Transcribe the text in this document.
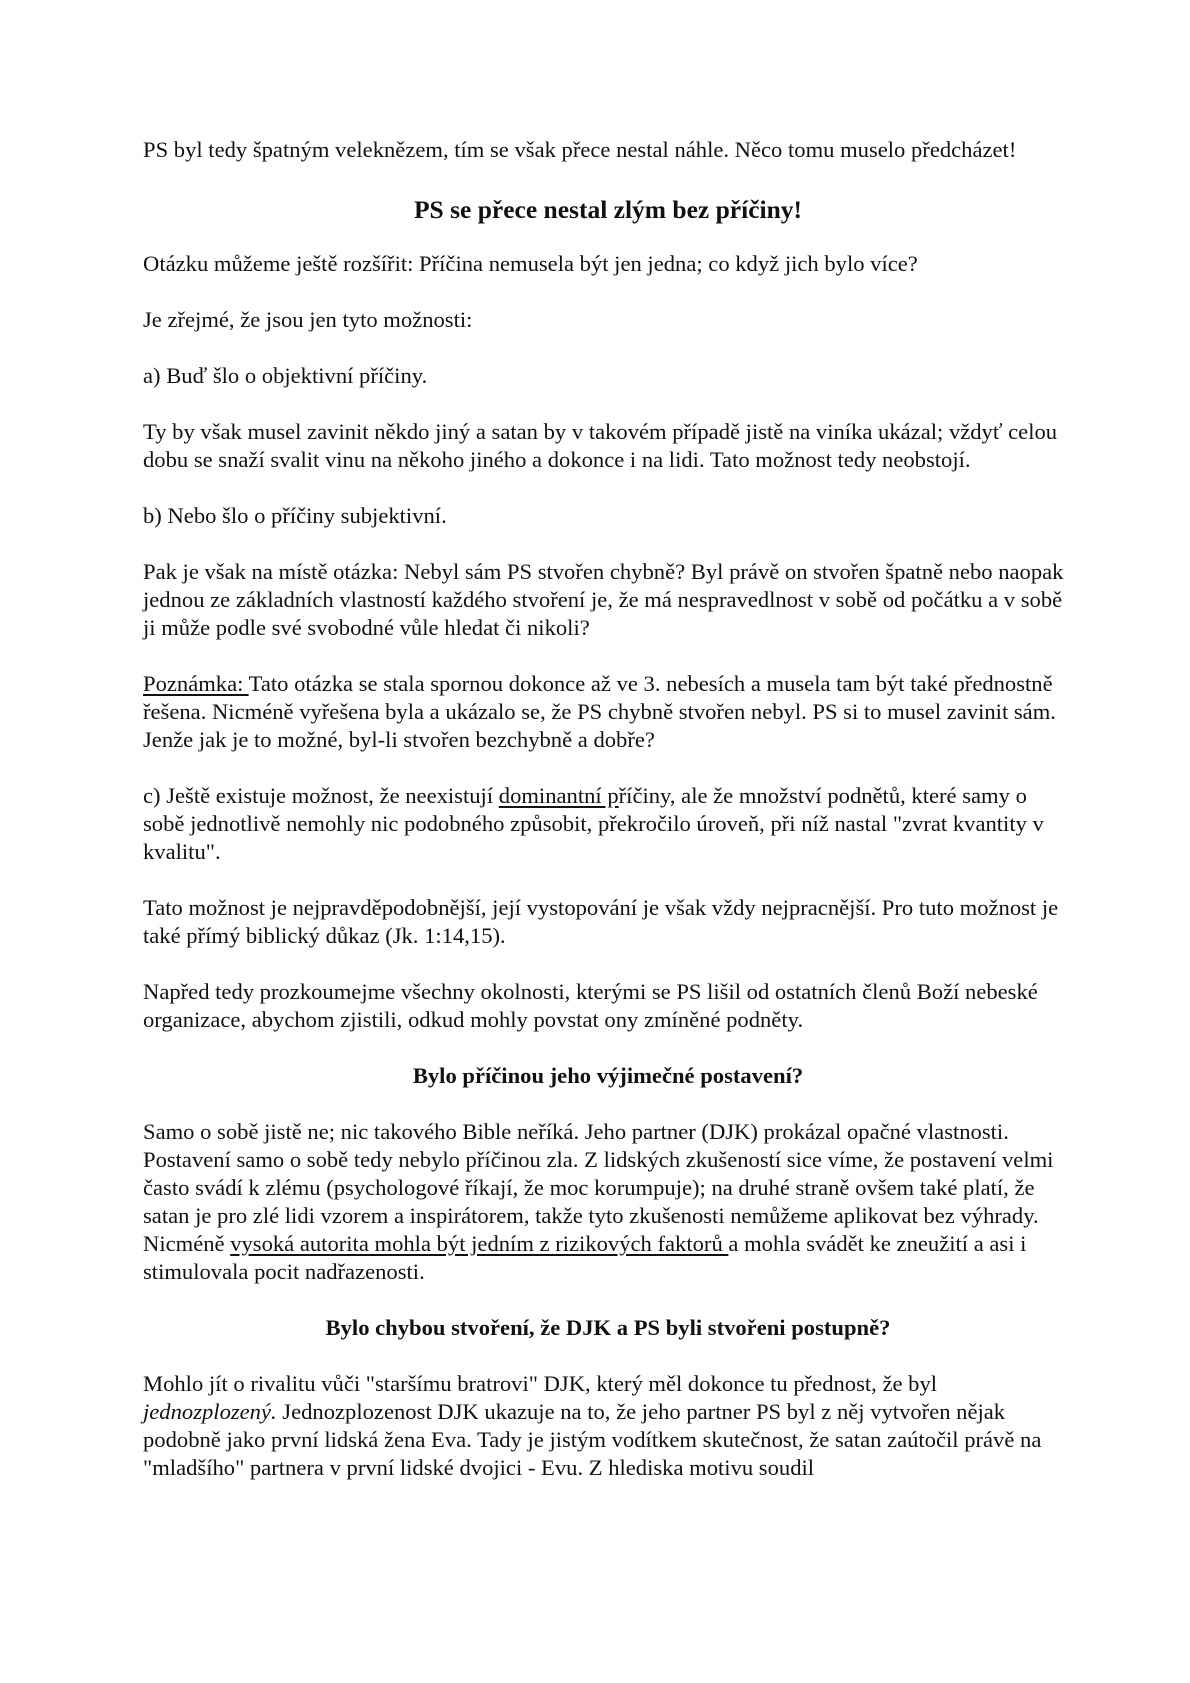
PS byl tedy špatným veleknězem, tím se však přece nestal náhle. Něco tomu muselo předcházet!

PS se přece nestal zlým bez příčiny!

Otázku můžeme ještě rozšířit: Příčina nemusela být jen jedna; co když jich bylo více?

Je zřejmé, že jsou jen tyto možnosti:

a) Buď šlo o objektivní příčiny.

Ty by však musel zavinit někdo jiný a satan by v takovém případě jistě na viníka ukázal; vždyť celou dobu se snaží svalit vinu na někoho jiného a dokonce i na lidi. Tato možnost tedy neobstojí.

b) Nebo šlo o příčiny subjektivní.

Pak je však na místě otázka: Nebyl sám PS stvořen chybně? Byl právě on stvořen špatně nebo naopak jednou ze základních vlastností každého stvoření je, že má nespravedlnost v sobě od počátku a v sobě ji může podle své svobodné vůle hledat či nikoli?

Poznámka: Tato otázka se stala spornou dokonce až ve 3. nebesích a musela tam být také přednostně řešena. Nicméně vyřešena byla a ukázalo se, že PS chybně stvořen nebyl. PS si to musel zavinit sám. Jenže jak je to možné, byl-li stvořen bezchybně a dobře?

c) Ještě existuje možnost, že neexistují dominantní příčiny, ale že množství podnětů, které samy o sobě jednotlivě nemohly nic podobného způsobit, překročilo úroveň, při níž nastal "zvrat kvantity v kvalitu".

Tato možnost je nejpravděpodobnější, její vystopování je však vždy nejpracnější. Pro tuto možnost je také přímý biblický důkaz (Jk. 1:14,15).

Napřed tedy prozkoumejme všechny okolnosti, kterými se PS lišil od ostatních členů Boží nebeské organizace, abychom zjistili, odkud mohly povstat ony zmíněné podněty.

Bylo příčinou jeho výjimečné postavení?

Samo o sobě jistě ne; nic takového Bible neříká. Jeho partner (DJK) prokázal opačné vlastnosti. Postavení samo o sobě tedy nebylo příčinou zla. Z lidských zkušeností sice víme, že postavení velmi často svádí k zlému (psychologové říkají, že moc korumpuje); na druhé straně ovšem také platí, že satan je pro zlé lidi vzorem a inspirátorem, takže tyto zkušenosti nemůžeme aplikovat bez výhrady. Nicméně vysoká autorita mohla být jedním z rizikových faktorů a mohla svádět ke zneužití a asi i stimulovala pocit nadřazenosti.

Bylo chybou stvoření, že DJK a PS byli stvořeni postupně?

Mohlo jít o rivalitu vůči "staršímu bratrovi" DJK, který měl dokonce tu přednost, že byl jednozplozený. Jednozplozenost DJK ukazuje na to, že jeho partner PS byl z něj vytvořen nějak podobně jako první lidská žena Eva. Tady je jistým vodítkem skutečnost, že satan zaútočil právě na "mladšího" partnera v první lidské dvojici - Evu. Z hlediska motivu soudil
